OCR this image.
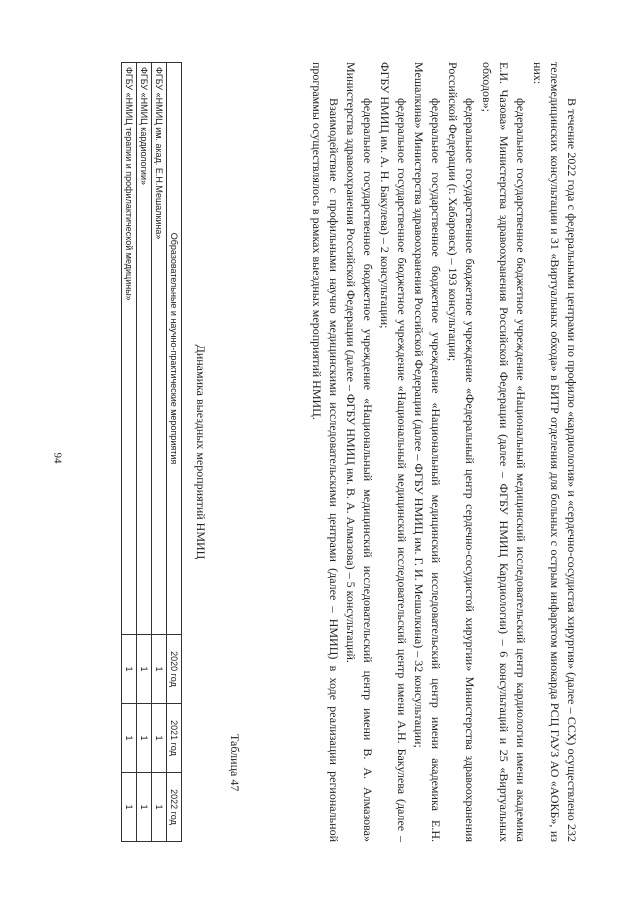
94	В течение 2022 года с федеральными центрами по профилю «кардиология» и «сердечно-сосудистая хирургия» (далее – ССХ) осуществлено 232 телемедицинских консультации и 31 «Виртуальных обхода» в БИТР отделения для больных с острым инфарктом миокарда РСЦ ГАУЗ АО «АОКБ», из них:

федеральное государственное бюджетное учреждение «Национальный медицинский исследовательский центр кардиологии имени академика Е.И. Чазова» Министерства здравоохранения Российской Федерации (далее – ФГБУ НМИЦ Кардиологии) – 6 консультаций и 25 «Виртуальных обходов»;

федеральное государственное бюджетное учреждение «Федеральный центр сердечно-сосудистой хирургии» Министерства здравоохранения Российской Федерации (г. Хабаровск) – 193 консультации;

федеральное государственное бюджетное учреждение «Национальный медицинский исследовательский центр имени академика Е.Н. Мешалкина» Министерства здравоохранения Российской Федерации (далее – ФГБУ НМИЦ им. Г. И. Мешалкина) – 32 консультации;

федеральное государственное бюджетное учреждение «Национальный медицинский исследовательский центр имени А.Н. Бакулева (далее – ФГБУ НМИЦ им. А. Н. Бакулева) – 2 консультации;

федеральное государственное бюджетное учреждение «Национальный медицинский исследовательский центр имени В. А. Алмазова» Министерства здравоохранения Российской Федерации (далее – ФГБУ НМИЦ им. В. А. Алмазова) – 5 консультаций.

Взаимодействие с профильными научно медицинскими исследовательскими центрами (далее – НМИЦ) в ходе реализации региональной программы осуществлялось в рамках выездных мероприятий НМИЦ.

Таблица 47
Динамика выездных мероприятий НМИЦ
Образовательные и научно-практические мероприятия	2020 год	2021 год	2022 год
ФГБУ «НМИЦ им. акад. Е.Н.Мешалкина»	1	1	1
ФГБУ «НМИЦ кардиологии»	1	1	1
ФГБУ «НМИЦ терапии и профилактической медицины»	1	1	1
